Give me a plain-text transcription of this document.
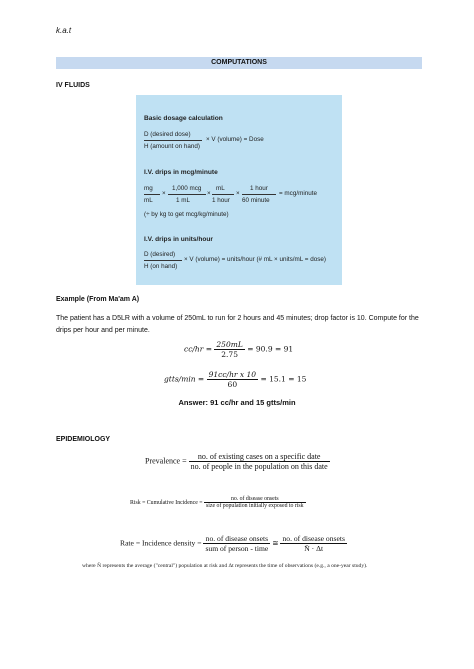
k.a.t
COMPUTATIONS
IV FLUIDS
Basic dosage calculation
D (desired dose)
× V (volume) = Dose
H (amount on hand)
I.V. drips in mcg/minute
mg	1,000 mcg mL	1 hour
×	×	×	= mcg/minute
mL	1 mL	1 hour 60 minute
(÷ by kg to get mcg/kg/minute)
I.V. drips in units/hour
D (desired)
× V (volume) = units/hour (# mL × units/mL = dose)
H (on hand)
Example (From Ma'am A)
The patient has a D5LR with a volume of 250mL to run for 2 hours and 45 minutes; drop factor is 10. Compute for the drips per hour and per minute.
$cc/hr = \frac{250mL}{2.75} = 90.9 = 91$
gtts/min = $\frac{\text{91cc/hr x 10}}{60} = 15.1 = 15$
Answer: 91 cc/hr and 15 gtts/min
EPIDEMIOLOGY
Prevalence = $\frac{\text{no. of existing cases on a specific date}}{\text{no. of people in the population on this date}}$
Risk = Cumulative Incidence = $\frac{\text{no. of disease onsets}}{\text{size of population initially exposed to risk}}$
Rate = Incidence density = $\frac{\text{no. of disease onsets}}{\text{sum of person - time}}$ ≅ $\frac{\text{no. of disease onsets}}{N̄ \cdot \Delta t}$
where N̄ represents the average ("central") population at risk and Δt represents the time of observations (e.g., a one-year study).
